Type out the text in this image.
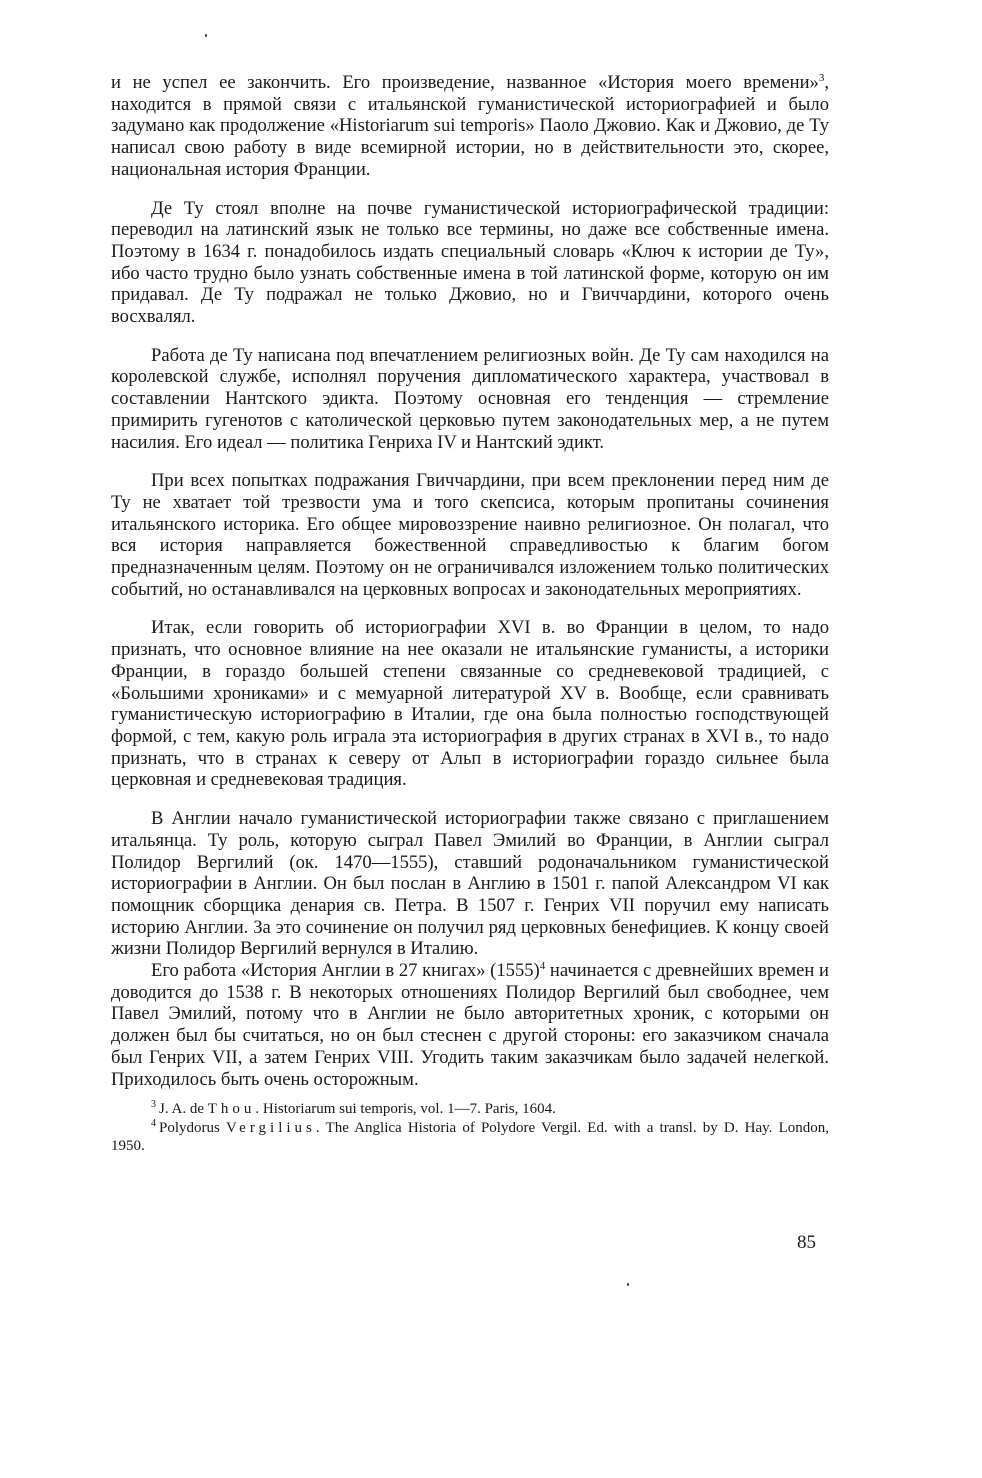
и не успел ее закончить. Его произведение, названное «История моего времени»$^3$, находится в прямой связи с итальянской гуманистической историографией и было задумано как продолжение «Historiarum sui temporis» Паоло Джовио. Как и Джовио, де Ту написал свою работу в виде всемирной истории, но в действительности это, скорее, национальная история Франции.

Де Ту стоял вполне на почве гуманистической историографической традиции: переводил на латинский язык не только все термины, но даже все собственные имена. Поэтому в 1634 г. понадобилось издать специальный словарь «Ключ к истории де Ту», ибо часто трудно было узнать собственные имена в той латинской форме, которую он им придавал. Де Ту подражал не только Джовио, но и Гвиччардини, которого очень восхвалял.

Работа де Ту написана под впечатлением религиозных войн. Де Ту сам находился на королевской службе, исполнял поручения дипломатического характера, участвовал в составлении Нантского эдикта. Поэтому основная его тенденция — стремление примирить гугенотов с католической церковью путем законодательных мер, а не путем насилия. Его идеал — политика Генриха IV и Нантский эдикт.

При всех попытках подражания Гвиччардини, при всем преклонении перед ним де Ту не хватает той трезвости ума и того скепсиса, которым пропитаны сочинения итальянского историка. Его общее мировоззрение наивно религиозное. Он полагал, что вся история направляется божественной справедливостью к благим богом предназначенным целям. Поэтому он не ограничивался изложением только политических событий, но останавливался на церковных вопросах и законодательных мероприятиях.

Итак, если говорить об историографии XVI в. во Франции в целом, то надо признать, что основное влияние на нее оказали не итальянские гуманисты, а историки Франции, в гораздо большей степени связанные со средневековой традицией, с «Большими хрониками» и с мемуарной литературой XV в. Вообще, если сравнивать гуманистическую историографию в Италии, где она была полностью господствующей формой, с тем, какую роль играла эта историография в других странах в XVI в., то надо признать, что в странах к северу от Альп в историографии гораздо сильнее была церковная и средневековая традиция.

В Англии начало гуманистической историографии также связано с приглашением итальянца. Ту роль, которую сыграл Павел Эмилий во Франции, в Англии сыграл Полидор Вергилий (ок. 1470—1555), ставший родоначальником гуманистической историографии в Англии. Он был послан в Англию в 1501 г. папой Александром VI как помощник сборщика денария св. Петра. В 1507 г. Генрих VII поручил ему написать историю Англии. За это сочинение он получил ряд церковных бенефициев. К концу своей жизни Полидор Вергилий вернулся в Италию.

Его работа «История Англии в 27 книгах» (1555)$^4$ начинается с древнейших времен и доводится до 1538 г. В некоторых отношениях Полидор Вергилий был свободнее, чем Павел Эмилий, потому что в Англии не было авторитетных хроник, с которыми он должен был бы считаться, но он был стеснен с другой стороны: его заказчиком сначала был Генрих VII, а затем Генрих VIII. Угодить таким заказчикам было задачей нелегкой. Приходилось быть очень осторожным.

$^3$ J. A. de Thou. Historiarum sui temporis, vol. 1—7. Paris, 1604.

$^4$ Polydorus Vergilius. The Anglica Historia of Polydore Vergil. Ed. with a transl. by D. Hay. London, 1950.

85
